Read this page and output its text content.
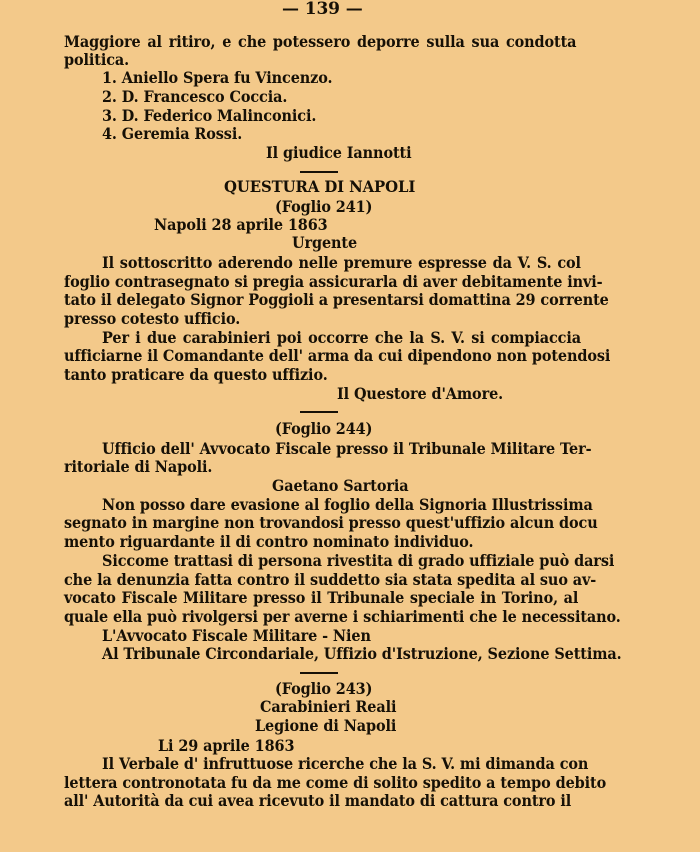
— 139 —
Maggiore al ritiro, e che potessero deporre sulla sua condotta
politica.
1. Aniello Spera fu Vincenzo.
2. D. Francesco Coccia.
3. D. Federico Malinconici.
4. Geremia Rossi.
Il giudice Iannotti
QUESTURA DI NAPOLI
(Foglio 241)
Napoli 28 aprile 1863
Urgente
Il sottoscritto aderendo nelle premure espresse da V. S. col
foglio contrasegnato si pregia assicurarla di aver debitamente invi-
tato il delegato Signor Poggioli a presentarsi domattina 29 corrente
presso cotesto ufficio.
Per i due carabinieri poi occorre che la S. V. si compiaccia
ufficiarne il Comandante dell' arma da cui dipendono non potendosi
tanto praticare da questo uffizio.
Il Questore d'Amore.
(Foglio 244)
Ufficio dell' Avvocato Fiscale presso il Tribunale Militare Ter-
ritoriale di Napoli.
Gaetano Sartoria
Non posso dare evasione al foglio della Signoria Illustrissima
segnato in margine non trovandosi presso quest'uffizio alcun docu
mento riguardante il di contro nominato individuo.
Siccome trattasi di persona rivestita di grado uffiziale può darsi
che la denunzia fatta contro il suddetto sia stata spedita al suo av-
vocato Fiscale Militare presso il Tribunale speciale in Torino, al
quale ella può rivolgersi per averne i schiarimenti che le necessitano.
L'Avvocato Fiscale Militare - Nien
Al Tribunale Circondariale, Uffizio d'Istruzione, Sezione Settima.
(Foglio 243)
Carabinieri Reali
Legione di Napoli
Li 29 aprile 1863
Il Verbale d' infruttuose ricerche che la S. V. mi dimanda con
lettera contronotata fu da me come di solito spedito a tempo debito
all' Autorità da cui avea ricevuto il mandato di cattura contro il
